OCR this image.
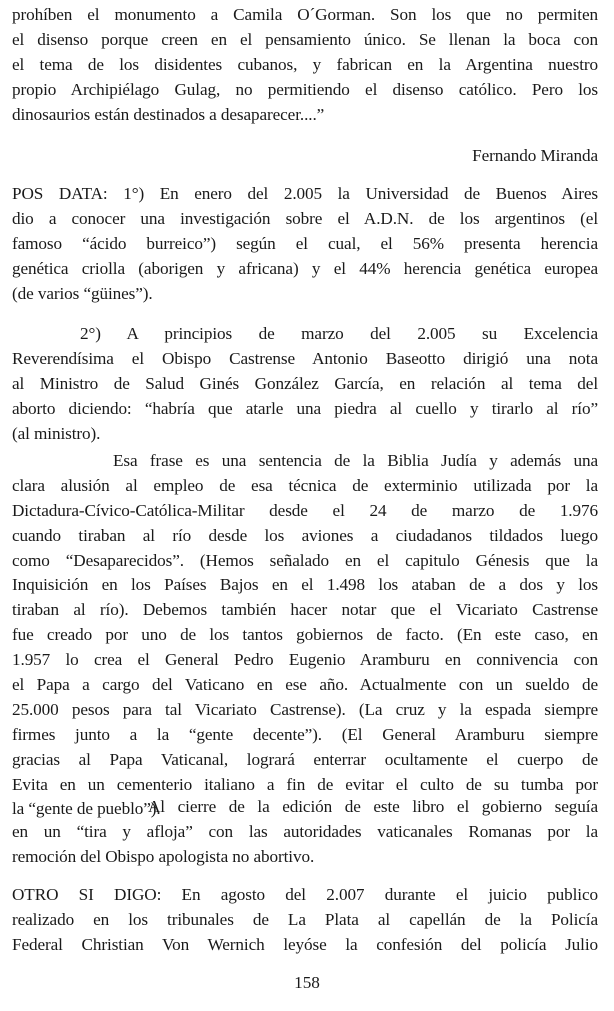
prohíben el monumento a Camila O´Gorman. Son los que no permiten
el disenso porque creen en el pensamiento único. Se llenan la boca con
el tema de los disidentes cubanos, y fabrican en la Argentina nuestro
propio Archipiélago Gulag, no permitiendo el disenso católico. Pero los
dinosaurios están destinados a desaparecer....”
Fernando Miranda
POS DATA: 1°) En enero del 2.005 la Universidad de Buenos Aires
dio a conocer una investigación sobre el A.D.N. de los argentinos (el
famoso “ácido burreico”) según el cual, el 56% presenta herencia
genética criolla (aborigen y africana) y el 44% herencia genética europea
(de varios “güines”).
2°) A principios de marzo del 2.005 su Excelencia
Reverendísima el Obispo Castrense Antonio Baseotto dirigió una nota
al Ministro de Salud Ginés González García, en relación al tema del
aborto diciendo: “habría que atarle una piedra al cuello y tirarlo al río”
(al ministro).
Esa frase es una sentencia de la Biblia Judía y además una
clara alusión al empleo de esa técnica de exterminio utilizada por la
Dictadura-Cívico-Católica-Militar desde el 24 de marzo de 1.976
cuando tiraban al río desde los aviones a ciudadanos tildados luego
como “Desaparecidos”. (Hemos señalado en el capitulo Génesis que la
Inquisición en los Países Bajos en el 1.498 los ataban de a dos y los
tiraban al río). Debemos también hacer notar que el Vicariato Castrense
fue creado por uno de los tantos gobiernos de facto. (En este caso, en
1.957 lo crea el General Pedro Eugenio Aramburu en connivencia con
el Papa a cargo del Vaticano en ese año. Actualmente con un sueldo de
25.000 pesos para tal Vicariato Castrense). (La cruz y la espada siempre
firmes junto a la “gente decente”). (El General Aramburu siempre
gracias al Papa Vaticanal, logrará enterrar ocultamente el cuerpo de
Evita en un cementerio italiano a fin de evitar el culto de su tumba por
la “gente de pueblo”).
Al cierre de la edición de este libro el gobierno seguía
en un “tira y afloja” con las autoridades vaticanales Romanas por la
remoción del Obispo apologista no abortivo.
OTRO SI DIGO: En agosto del 2.007 durante el juicio publico
realizado en los tribunales de La Plata al capellán de la Policía
Federal Christian Von Wernich leyóse la confesión del policía Julio
158
